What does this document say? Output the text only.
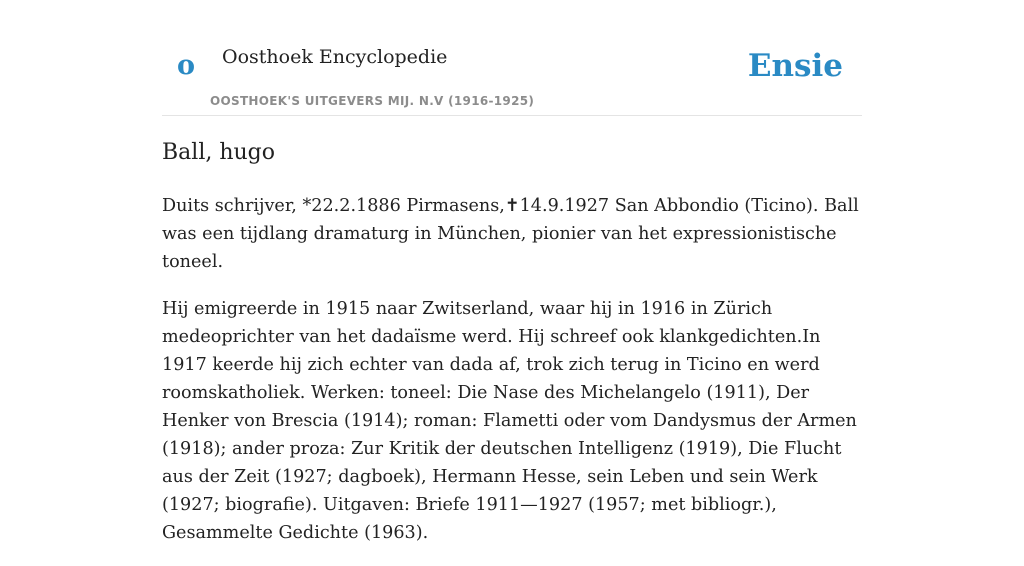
o Oosthoek Encyclopedie
OOSTHOEK'S UITGEVERS MIJ. N.V (1916-1925)
Ensie
Ball, hugo

Duits schrijver, *22.2.1886 Pirmasens,✝14.9.1927 San Abbondio (Ticino). Ball was een tijdlang dramaturg in München, pionier van het expressionistische toneel.

Hij emigreerde in 1915 naar Zwitserland, waar hij in 1916 in Zürich medeoprichter van het dadaïsme werd. Hij schreef ook klankgedichten.In 1917 keerde hij zich echter van dada af, trok zich terug in Ticino en werd roomskatholiek. Werken: toneel: Die Nase des Michelangelo (1911), Der Henker von Brescia (1914); roman: Flametti oder vom Dandysmus der Armen (1918); ander proza: Zur Kritik der deutschen Intelligenz (1919), Die Flucht aus der Zeit (1927; dagboek), Hermann Hesse, sein Leben und sein Werk (1927; biografie). Uitgaven: Briefe 1911—1927 (1957; met bibliogr.), Gesammelte Gedichte (1963).
